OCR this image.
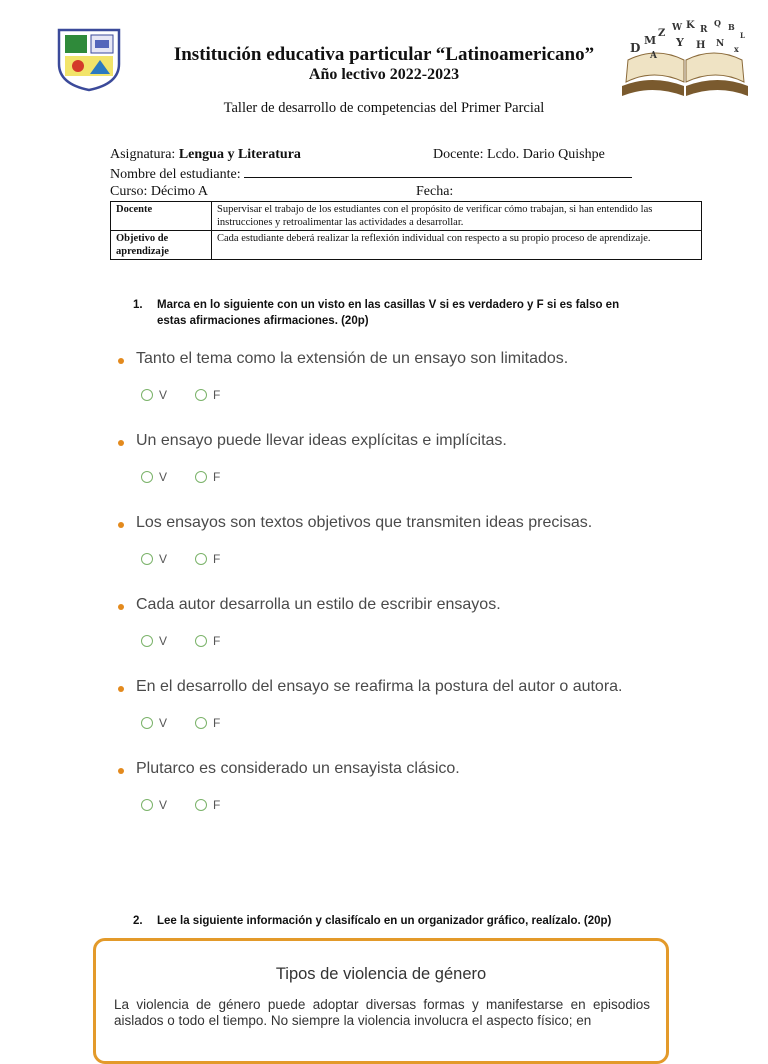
D
M
Z W K R
Q B
L
Y H N x
A
Institución educativa particular “Latinoamericano”
Año lectivo 2022-2023
Taller de desarrollo de competencias del Primer Parcial
Asignatura: Lengua y Literatura	Docente: Lcdo. Dario Quishpe
Nombre del estudiante:
Curso: Décimo A	Fecha:
Docente	Supervisar el trabajo de los estudiantes con el propósito de verificar cómo trabajan, si han entendido las instrucciones y retroalimentar las actividades a desarrollar.
Objetivo de aprendizaje	Cada estudiante deberá realizar la reflexión individual con respecto a su propio proceso de aprendizaje.
1. Marca en lo siguiente con un visto en las casillas V si es verdadero y F si es falso en estas afirmaciones afirmaciones. (20p)
Tanto el tema como la extensión de un ensayo son limitados.
V	F
Un ensayo puede llevar ideas explícitas e implícitas.
V	F
Los ensayos son textos objetivos que transmiten ideas precisas.
V	F
Cada autor desarrolla un estilo de escribir ensayos.
V	F
En el desarrollo del ensayo se reafirma la postura del autor o autora.
V	F
Plutarco es considerado un ensayista clásico.
V	F
2. Lee la siguiente información y clasifícalo en un organizador gráfico, realízalo. (20p)
Tipos de violencia de género
La violencia de género puede adoptar diversas formas y manifestarse en episodios aislados o todo el tiempo. No siempre la violencia involucra el aspecto físico; en
